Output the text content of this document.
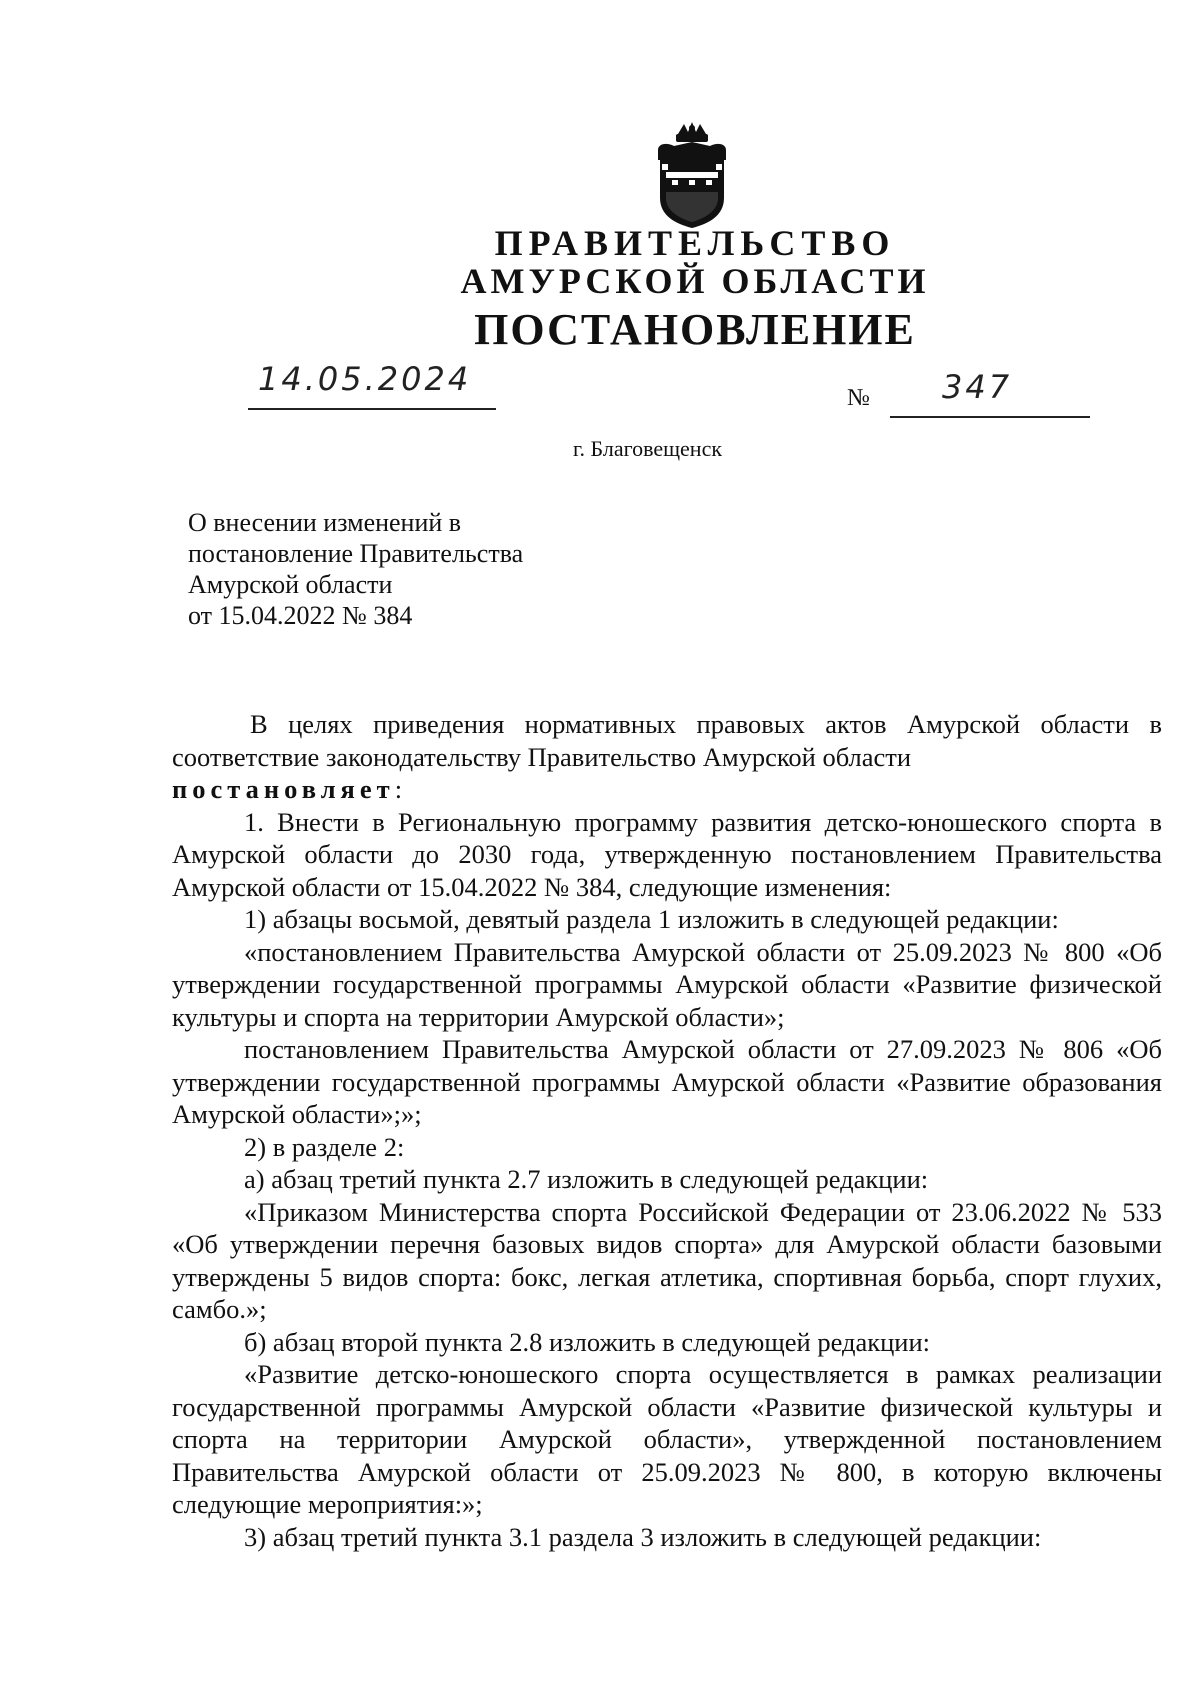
ПРАВИТЕЛЬСТВО
АМУРСКОЙ ОБЛАСТИ
ПОСТАНОВЛЕНИЕ
14.05.2024	№ 347
г. Благовещенск
О внесении изменений в
постановление Правительства
Амурской области
от 15.04.2022 № 384
В целях приведения нормативных правовых актов Амурской области в соответствие законодательству Правительство Амурской области
постановляет:
1. Внести в Региональную программу развития детско-юношеского спорта в Амурской области до 2030 года, утвержденную постановлением Правительства Амурской области от 15.04.2022 № 384, следующие изменения:
1) абзацы восьмой, девятый раздела 1 изложить в следующей редакции:
«постановлением Правительства Амурской области от 25.09.2023 № 800 «Об утверждении государственной программы Амурской области «Развитие физической культуры и спорта на территории Амурской области»;
постановлением Правительства Амурской области от 27.09.2023 № 806 «Об утверждении государственной программы Амурской области «Развитие образования Амурской области»;»;
2) в разделе 2:
а) абзац третий пункта 2.7 изложить в следующей редакции:
«Приказом Министерства спорта Российской Федерации от 23.06.2022 № 533 «Об утверждении перечня базовых видов спорта» для Амурской области базовыми утверждены 5 видов спорта: бокс, легкая атлетика, спортивная борьба, спорт глухих, самбо.»;
б) абзац второй пункта 2.8 изложить в следующей редакции:
«Развитие детско-юношеского спорта осуществляется в рамках реализации государственной программы Амурской области «Развитие физической культуры и спорта на территории Амурской области», утвержденной постановлением Правительства Амурской области от 25.09.2023 № 800, в которую включены следующие мероприятия:»;
3) абзац третий пункта 3.1 раздела 3 изложить в следующей редакции:
